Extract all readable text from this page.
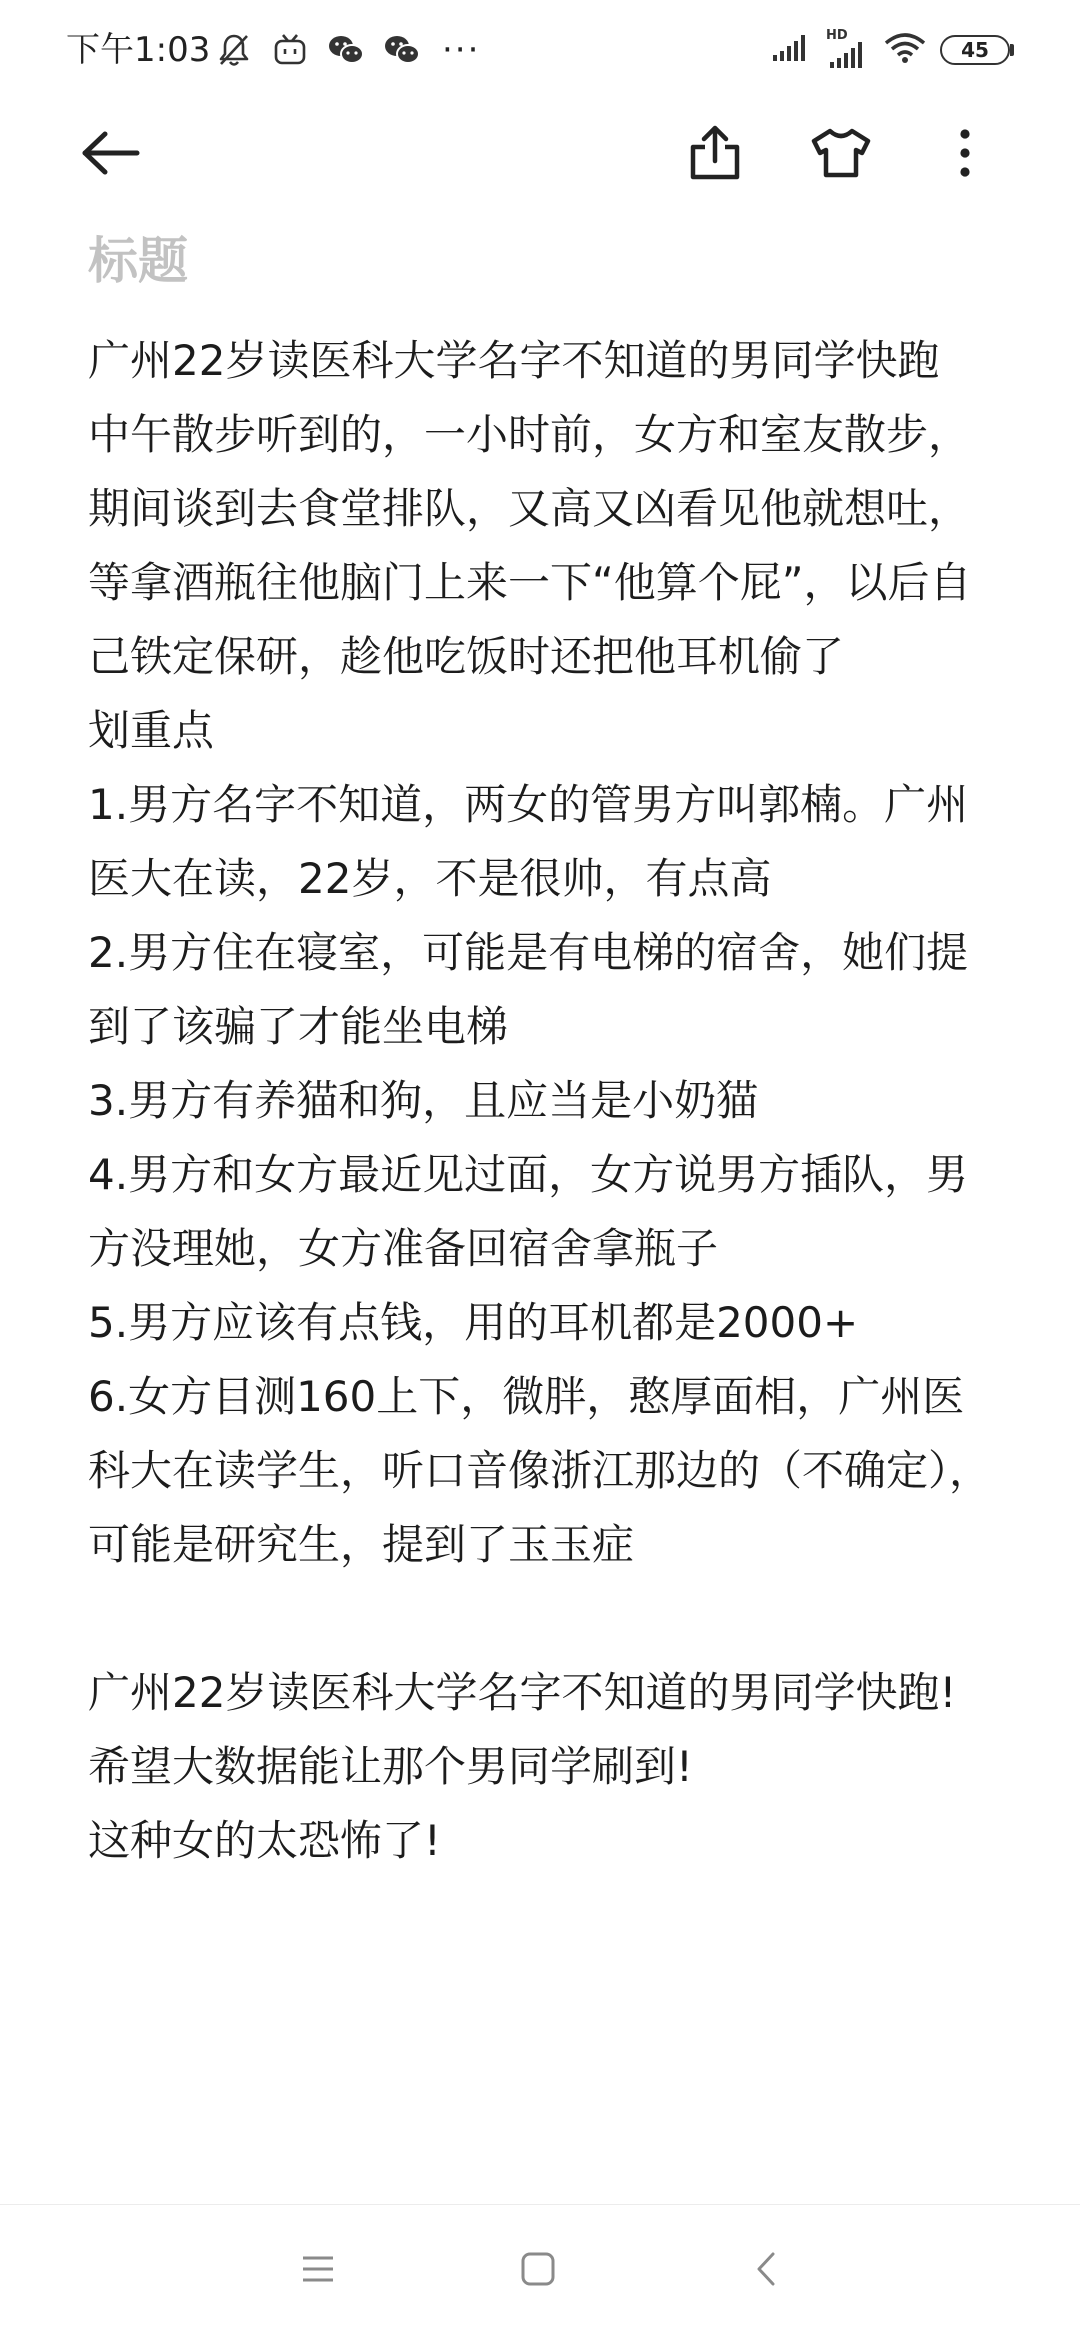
下午1:03	···	HD
45
标题
广州22岁读医科大学名字不知道的男同学快跑
中午散步听到的，一小时前，女方和室友散步，期间谈到去食堂排队，又高又凶看见他就想吐，等拿酒瓶往他脑门上来一下“他算个屁”，以后自己铁定保研，趁他吃饭时还把他耳机偷了
划重点
1.男方名字不知道，两女的管男方叫郭楠。广州医大在读，22岁，不是很帅，有点高
2.男方住在寝室，可能是有电梯的宿舍，她们提到了该骗了才能坐电梯
3.男方有养猫和狗，且应当是小奶猫
4.男方和女方最近见过面，女方说男方插队，男方没理她，女方准备回宿舍拿瓶子
5.男方应该有点钱，用的耳机都是2000+
6.女方目测160上下，微胖，憨厚面相，广州医科大在读学生，听口音像浙江那边的（不确定），可能是研究生，提到了玉玉症
广州22岁读医科大学名字不知道的男同学快跑!
希望大数据能让那个男同学刷到!
这种女的太恐怖了!
